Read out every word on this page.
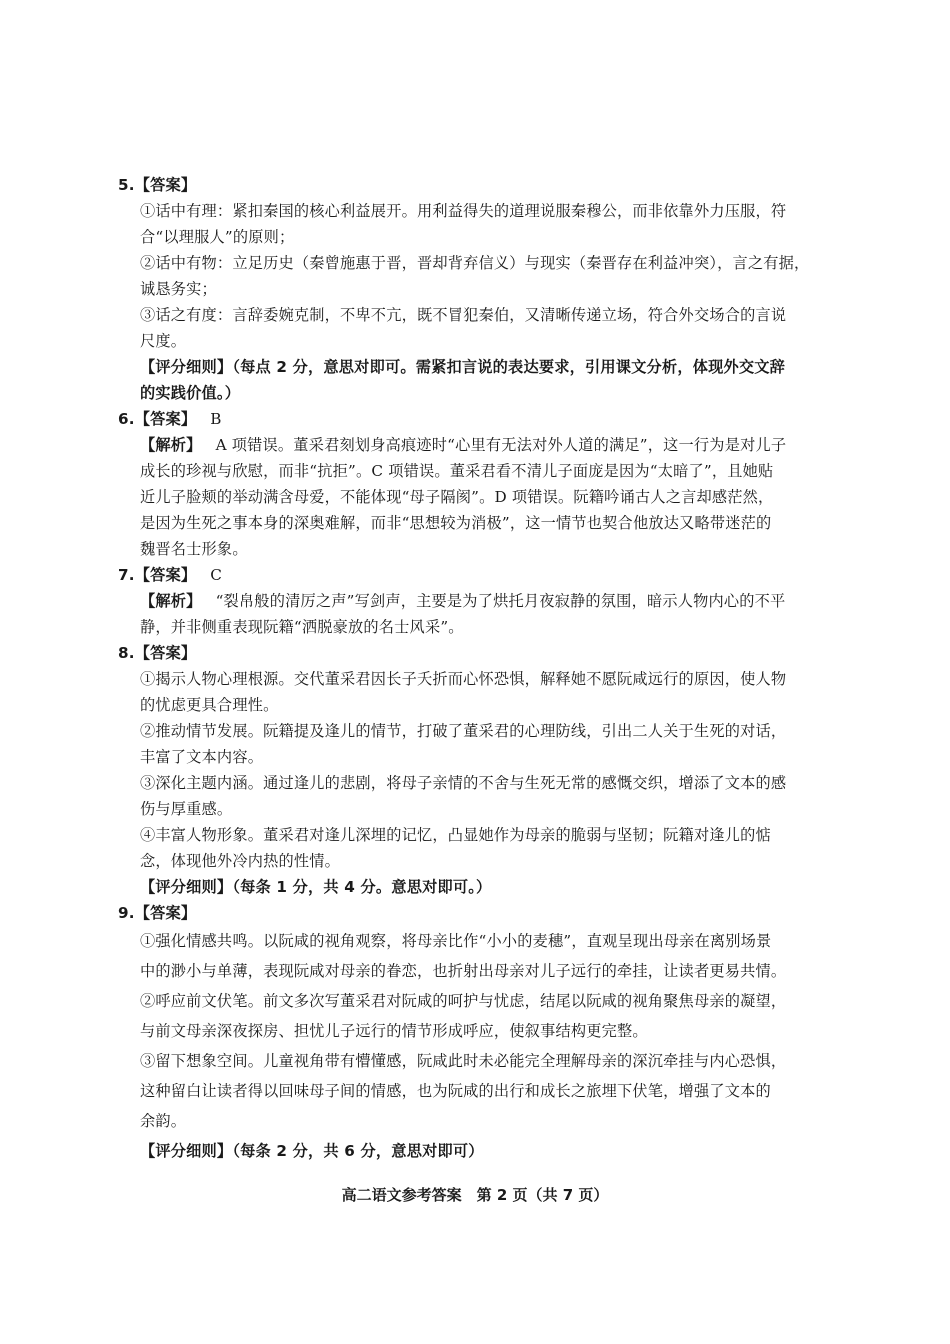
5.【答案】
①话中有理：紧扣秦国的核心利益展开。用利益得失的道理说服秦穆公，而非依靠外力压服，符
合“以理服人”的原则；
②话中有物：立足历史（秦曾施惠于晋，晋却背弃信义）与现实（秦晋存在利益冲突），言之有据，
诚恳务实；
③话之有度：言辞委婉克制，不卑不亢，既不冒犯秦伯，又清晰传递立场，符合外交场合的言说
尺度。
【评分细则】（每点 2 分，意思对即可。需紧扣言说的表达要求，引用课文分析，体现外交文辞
的实践价值。）
6.【答案】 B
【解析】 A 项错误。董采君刻划身高痕迹时“心里有无法对外人道的满足”，这一行为是对儿子
成长的珍视与欣慰，而非“抗拒”。C 项错误。董采君看不清儿子面庞是因为“太暗了”，且她贴
近儿子脸颊的举动满含母爱，不能体现“母子隔阂”。D 项错误。阮籍吟诵古人之言却感茫然，
是因为生死之事本身的深奥难解，而非“思想较为消极”，这一情节也契合他放达又略带迷茫的
魏晋名士形象。
7.【答案】 C
【解析】 “裂帛般的清厉之声”写剑声，主要是为了烘托月夜寂静的氛围，暗示人物内心的不平
静，并非侧重表现阮籍“洒脱豪放的名士风采”。
8.【答案】
①揭示人物心理根源。交代董采君因长子夭折而心怀恐惧，解释她不愿阮咸远行的原因，使人物
的忧虑更具合理性。
②推动情节发展。阮籍提及逢儿的情节，打破了董采君的心理防线，引出二人关于生死的对话，
丰富了文本内容。
③深化主题内涵。通过逢儿的悲剧，将母子亲情的不舍与生死无常的感慨交织，增添了文本的感
伤与厚重感。
④丰富人物形象。董采君对逢儿深埋的记忆，凸显她作为母亲的脆弱与坚韧；阮籍对逢儿的惦
念，体现他外冷内热的性情。
【评分细则】（每条 1 分，共 4 分。意思对即可。）
9.【答案】
①强化情感共鸣。以阮咸的视角观察，将母亲比作“小小的麦穗”，直观呈现出母亲在离别场景
中的渺小与单薄，表现阮咸对母亲的眷恋，也折射出母亲对儿子远行的牵挂，让读者更易共情。
②呼应前文伏笔。前文多次写董采君对阮咸的呵护与忧虑，结尾以阮咸的视角聚焦母亲的凝望，
与前文母亲深夜探房、担忧儿子远行的情节形成呼应，使叙事结构更完整。
③留下想象空间。儿童视角带有懵懂感，阮咸此时未必能完全理解母亲的深沉牵挂与内心恐惧，
这种留白让读者得以回味母子间的情感，也为阮咸的出行和成长之旅埋下伏笔，增强了文本的
余韵。
【评分细则】（每条 2 分，共 6 分，意思对即可）
高二语文参考答案　第 2 页（共 7 页）
